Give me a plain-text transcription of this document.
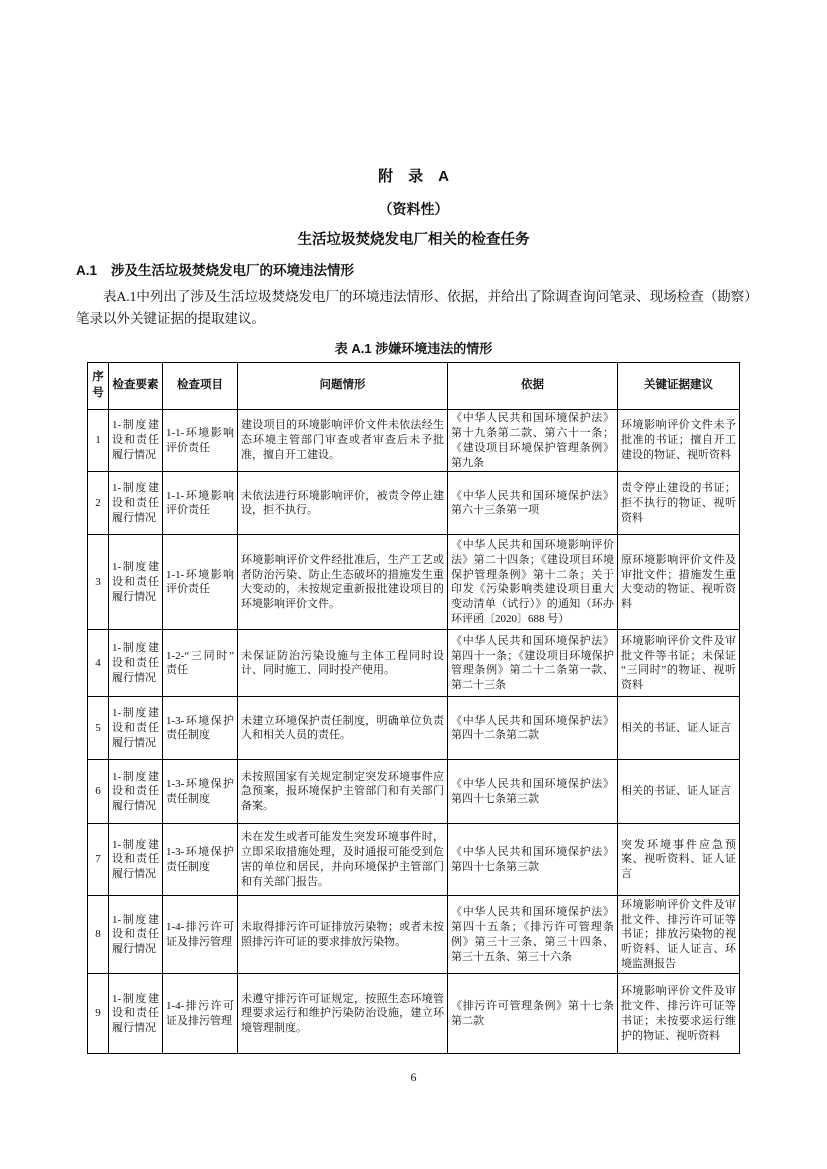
附　录　A
（资料性）
生活垃圾焚烧发电厂相关的检查任务
A.1 涉及生活垃圾焚烧发电厂的环境违法情形
表A.1中列出了涉及生活垃圾焚烧发电厂的环境违法情形、依据，并给出了除调查询问笔录、现场检查（勘察）笔录以外关键证据的提取建议。
表 A.1 涉嫌环境违法的情形
序号	检查要素	检查项目	问题情形	依据	关键证据建议
1	1-制度建设和责任履行情况	1-1-环境影响评价责任	建设项目的环境影响评价文件未依法经生态环境主管部门审查或者审查后未予批准，擅自开工建设。	《中华人民共和国环境保护法》第十九条第二款、第六十一条；《建设项目环境保护管理条例》第九条	环境影响评价文件未予批准的书证；擅自开工建设的物证、视听资料
2	1-制度建设和责任履行情况	1-1-环境影响评价责任	未依法进行环境影响评价，被责令停止建设，拒不执行。	《中华人民共和国环境保护法》第六十三条第一项	责令停止建设的书证；拒不执行的物证、视听资料
3	1-制度建设和责任履行情况	1-1-环境影响评价责任	环境影响评价文件经批准后，生产工艺或者防治污染、防止生态破坏的措施发生重大变动的，未按规定重新报批建设项目的环境影响评价文件。	《中华人民共和国环境影响评价法》第二十四条；《建设项目环境保护管理条例》第十二条；关于印发《污染影响类建设项目重大变动清单（试行）》的通知（环办环评函〔2020〕688 号）	原环境影响评价文件及审批文件；措施发生重大变动的物证、视听资料
4	1-制度建设和责任履行情况	1-2-“三同时”责任	未保证防治污染设施与主体工程同时设计、同时施工、同时投产使用。	《中华人民共和国环境保护法》第四十一条；《建设项目环境保护管理条例》第二十二条第一款、第二十三条	环境影响评价文件及审批文件等书证；未保证“三同时”的物证、视听资料
5	1-制度建设和责任履行情况	1-3-环境保护责任制度	未建立环境保护责任制度，明确单位负责人和相关人员的责任。	《中华人民共和国环境保护法》第四十二条第二款	相关的书证、证人证言
6	1-制度建设和责任履行情况	1-3-环境保护责任制度	未按照国家有关规定制定突发环境事件应急预案，报环境保护主管部门和有关部门备案。	《中华人民共和国环境保护法》第四十七条第三款	相关的书证、证人证言
7	1-制度建设和责任履行情况	1-3-环境保护责任制度	未在发生或者可能发生突发环境事件时，立即采取措施处理，及时通报可能受到危害的单位和居民，并向环境保护主管部门和有关部门报告。	《中华人民共和国环境保护法》第四十七条第三款	突发环境事件应急预案、视听资料、证人证言
8	1-制度建设和责任履行情况	1-4-排污许可证及排污管理	未取得排污许可证排放污染物；或者未按照排污许可证的要求排放污染物。	《中华人民共和国环境保护法》第四十五条；《排污许可管理条例》第三十三条、第三十四条、第三十五条、第三十六条	环境影响评价文件及审批文件、排污许可证等书证；排放污染物的视听资料、证人证言、环境监测报告
9	1-制度建设和责任履行情况	1-4-排污许可证及排污管理	未遵守排污许可证规定，按照生态环境管理要求运行和维护污染防治设施，建立环境管理制度。	《排污许可管理条例》第十七条第二款	环境影响评价文件及审批文件、排污许可证等书证；未按要求运行维护的物证、视听资料
6
